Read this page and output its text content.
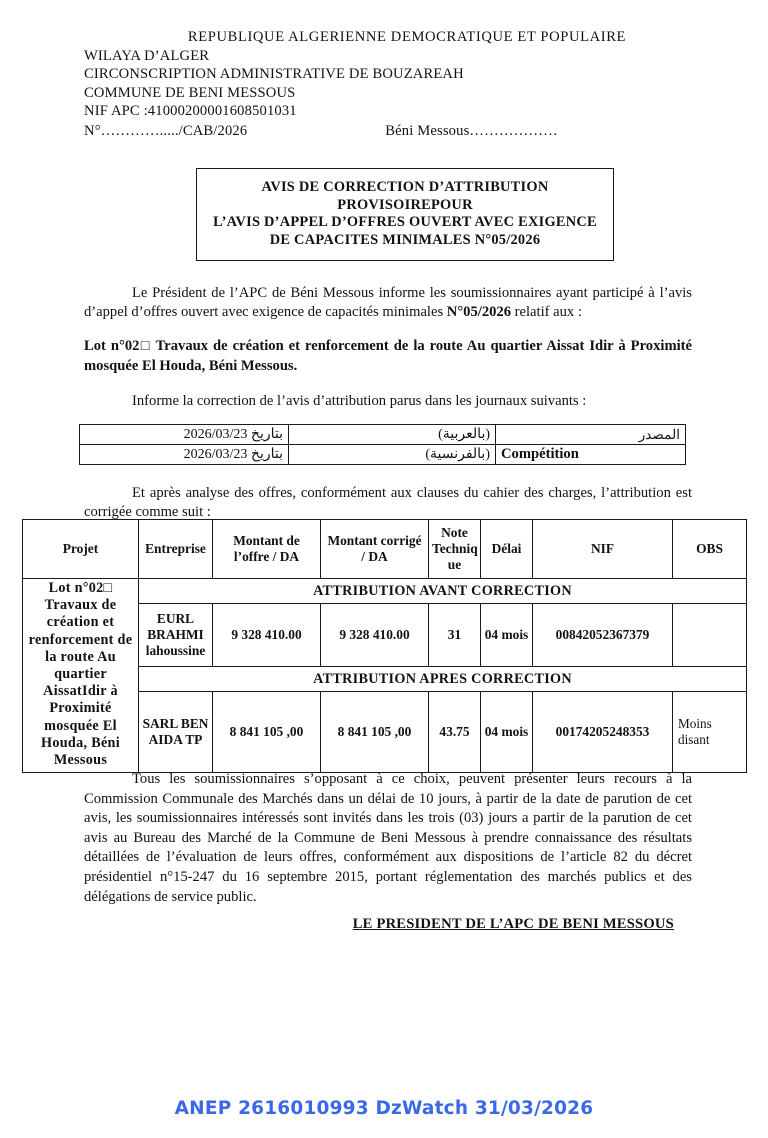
REPUBLIQUE ALGERIENNE DEMOCRATIQUE ET POPULAIRE
WILAYA D’ALGER
CIRCONSCRIPTION ADMINISTRATIVE DE BOUZAREAH
COMMUNE DE BENI MESSOUS
NIF APC :41000200001608501031
N°…………...../CAB/2026	Béni Messous………………
AVIS DE CORRECTION D’ATTRIBUTION
PROVISOIREPOUR
L’AVIS D’APPEL D’OFFRES OUVERT AVEC EXIGENCE
DE CAPACITES MINIMALES N°05/2026
Le Président de l’APC de Béni Messous informe les soumissionnaires ayant participé à l’avis d’appel d’offres ouvert avec exigence de capacités minimales N°05/2026 relatif aux :
Lot n°02□ Travaux de création et renforcement de la route Au quartier Aissat Idir à Proximité mosquée El Houda, Béni Messous.
Informe la correction de l’avis d’attribution parus dans les journaux suivants :
بتاريخ 2026/03/23	(بالعربية)	المصدر
بتاريخ 2026/03/23	(بالفرنسية)	Compétition
Et après analyse des offres, conformément aux clauses du cahier des charges, l’attribution est corrigée comme suit :
Projet	Entreprise	Montant de l’offre / DA	Montant corrigé / DA	Note Techniq ue	Délai	NIF	OBS
Lot n°02□ Travaux de création et renforcement de la route Au quartier AissatIdir à Proximité mosquée El Houda, Béni Messous	ATTRIBUTION AVANT CORRECTION						
	EURL BRAHMI lahoussine	9 328 410.00	9 328 410.00	31	04 mois	00842052367379	
	ATTRIBUTION APRES CORRECTION						
	SARL BEN AIDA TP	8 841 105 ,00	8 841 105 ,00	43.75	04 mois	00174205248353	Moins disant
Tous les soumissionnaires s’opposant à ce choix, peuvent présenter leurs recours à la Commission Communale des Marchés dans un délai de 10 jours, à partir de la date de parution de cet avis, les soumissionnaires intéressés sont invités dans les trois (03) jours a partir de la parution de cet avis au Bureau des Marché de la Commune de Beni Messous à prendre connaissance des résultats détaillées de l’évaluation de leurs offres, conformément aux dispositions de l’article 82 du décret présidentiel n°15-247 du 16 septembre 2015, portant réglementation des marchés publics et des délégations de service public.
LE PRESIDENT DE L’APC DE BENI MESSOUS
ANEP 2616010993 DzWatch 31/03/2026
